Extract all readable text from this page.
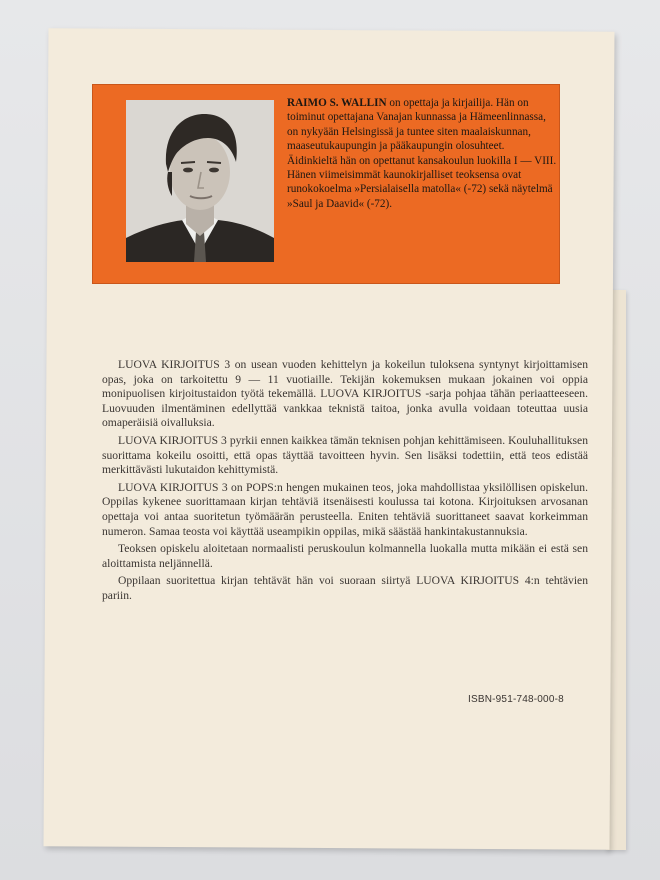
RAIMO S. WALLIN on opettaja ja kirjailija. Hän on toiminut opettajana Vanajan kunnassa ja Hämeenlinnassa, on nykyään Helsingissä ja tuntee siten maalaiskunnan, maaseutukaupungin ja pääkaupungin olosuhteet. Äidinkieltä hän on opettanut kansakoulun luokilla I — VIII. Hänen viimeisimmät kaunokirjalliset teoksensa ovat runokokoelma »Persialaisella matolla« (-72) sekä näytelmä »Saul ja Daavid« (-72).

LUOVA KIRJOITUS 3 on usean vuoden kehittelyn ja kokeilun tuloksena syntynyt kirjoittamisen opas, joka on tarkoitettu 9 — 11 vuotiaille. Tekijän kokemuksen mukaan jokainen voi oppia monipuolisen kirjoitustaidon työtä tekemällä. LUOVA KIRJOITUS -sarja pohjaa tähän periaatteeseen. Luovuuden ilmentäminen edellyttää vankkaa teknistä taitoa, jonka avulla voidaan toteuttaa uusia omaperäisiä oivalluksia.

LUOVA KIRJOITUS 3 pyrkii ennen kaikkea tämän teknisen pohjan kehittämiseen. Kouluhallituksen suorittama kokeilu osoitti, että opas täyttää tavoitteen hyvin. Sen lisäksi todettiin, että teos edistää merkittävästi lukutaidon kehittymistä.

LUOVA KIRJOITUS 3 on POPS:n hengen mukainen teos, joka mahdollistaa yksilöllisen opiskelun. Oppilas kykenee suorittamaan kirjan tehtäviä itsenäisesti koulussa tai kotona. Kirjoituksen arvosanan opettaja voi antaa suoritetun työmäärän perusteella. Eniten tehtäviä suorittaneet saavat korkeimman numeron. Samaa teosta voi käyttää useampikin oppilas, mikä säästää hankintakustannuksia.

Teoksen opiskelu aloitetaan normaalisti peruskoulun kolmannella luokalla mutta mikään ei estä sen aloittamista neljännellä.

Oppilaan suoritettua kirjan tehtävät hän voi suoraan siirtyä LUOVA KIRJOITUS 4:n tehtävien pariin.

ISBN-951-748-000-8
